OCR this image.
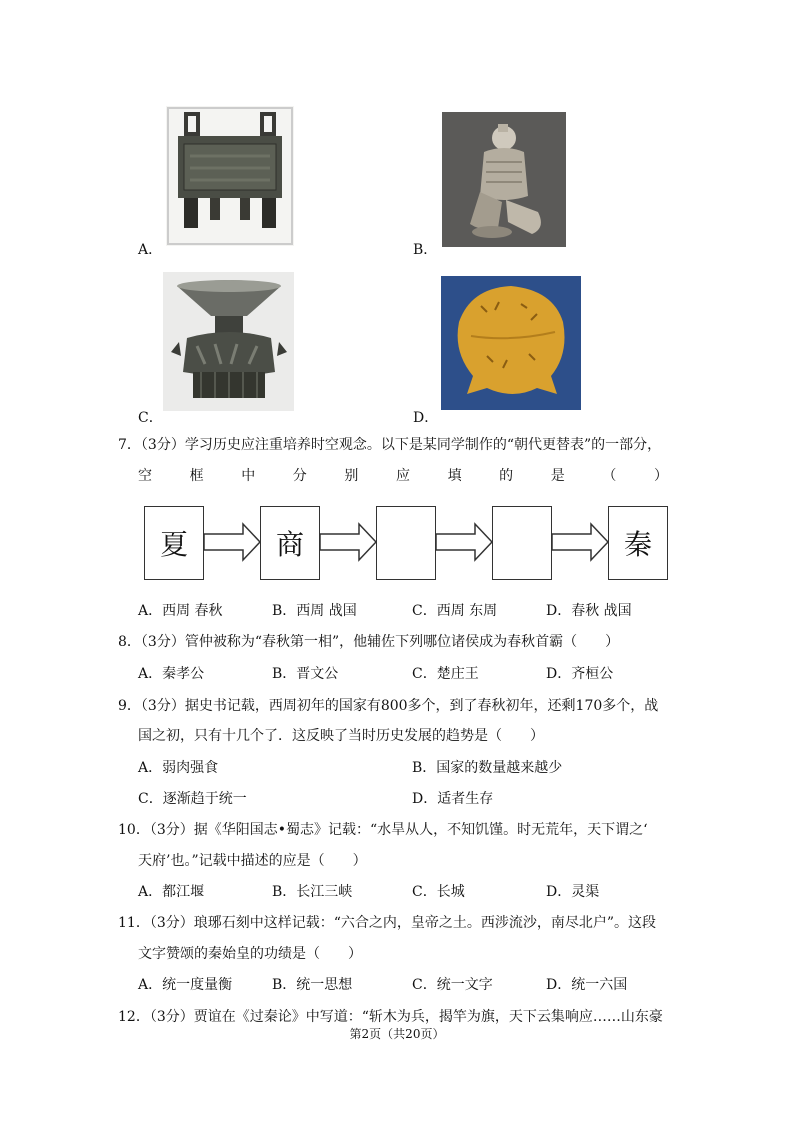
A．	B．
C．	D．
7．（3分）学习历史应注重培养时空观念。以下是某同学制作的“朝代更替表”的一部分，
空	框	中	分	别	应	填	的	是	（	）
夏	商	秦
A．西周 春秋	B．西周 战国	C．西周 东周	D．春秋 战国
8．（3分）管仲被称为“春秋第一相”，他辅佐下列哪位诸侯成为春秋首霸（　　）
A．秦孝公	B．晋文公	C．楚庄王	D．齐桓公
9．（3分）据史书记载，西周初年的国家有800多个，到了春秋初年，还剩170多个，战
国之初，只有十几个了．这反映了当时历史发展的趋势是（　　）
A．弱肉强食	B．国家的数量越来越少
C．逐渐趋于统一	D．适者生存
10．（3分）据《华阳国志•蜀志》记载：“水旱从人，不知饥馑。时无荒年，天下谓之‘
天府’也。”记载中描述的应是（　　）
A．都江堰	B．长江三峡	C．长城	D．灵渠
11．（3分）琅琊石刻中这样记载：“六合之内，皇帝之土。西涉流沙，南尽北户”。这段
文字赞颂的秦始皇的功绩是（　　）
A．统一度量衡	B．统一思想	C．统一文字	D．统一六国
12．（3分）贾谊在《过秦论》中写道：“斩木为兵，揭竿为旗，天下云集响应……山东豪
第2页（共20页）
